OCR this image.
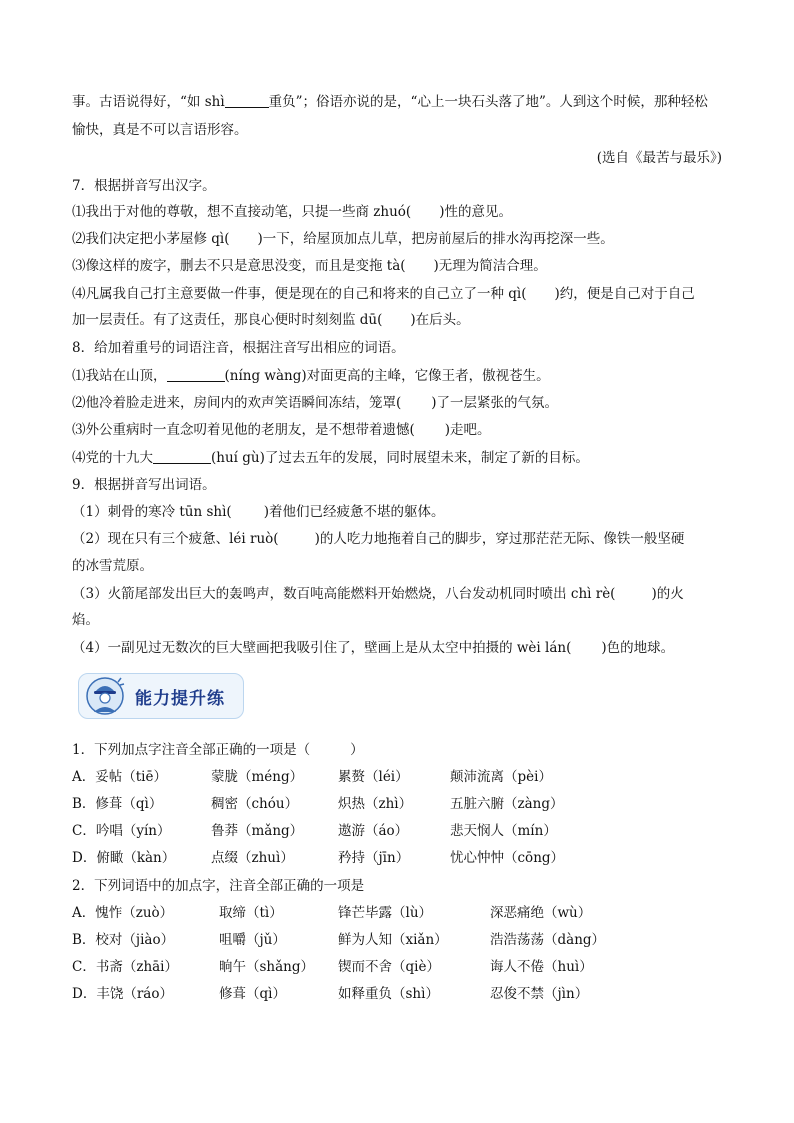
事。古语说得好，“如 shì	重负”；俗语亦说的是，“心上一块石头落了地”。人到这个时候，那种轻松
愉快，真是不可以言语形容。
(选自《最苦与最乐》)
7．根据拼音写出汉字。
⑴我出于对他的尊敬，想不直接动笔，只提一些商 zhuó( )性的意见。
⑵我们决定把小茅屋修 qì( )一下，给屋顶加点儿草，把房前屋后的排水沟再挖深一些。
⑶像这样的废字，删去不只是意思没变，而且是变拖 tà( )无理为简洁合理。
⑷凡属我自己打主意要做一件事，便是现在的自己和将来的自己立了一种 qì( )约，便是自己对于自己
加一层责任。有了这责任，那良心便时时刻刻监 dū( )在后头。
8．给加着重号的词语注音，根据注音写出相应的词语。
⑴我站在山顶，	(níng wàng)对面更高的主峰，它像王者，傲视苍生。
⑵他冷着脸走进来，房间内的欢声笑语瞬间冻结，笼罩( )了一层紧张的气氛。
⑶外公重病时一直念叨着见他的老朋友，是不想带着遗憾( )走吧。
⑷党的十九大	(huí gù)了过去五年的发展，同时展望未来，制定了新的目标。
9．根据拼音写出词语。
（1）刺骨的寒冷 tūn shì( )着他们已经疲惫不堪的躯体。
（2）现在只有三个疲惫、léi ruò(	)的人吃力地拖着自己的脚步，穿过那茫茫无际、像铁一般坚硬
的冰雪荒原。
（3）火箭尾部发出巨大的轰鸣声，数百吨高能燃料开始燃烧，八台发动机同时喷出 chì rè(	)的火
焰。
（4）一副见过无数次的巨大壁画把我吸引住了，壁画上是从太空中拍摄的 wèi lán( )色的地球。
能力提升练
1．下列加点字注音全部正确的一项是（	）
A．妥帖（tiē）	蒙胧（méng）	累赘（léi）	颠沛流离（pèi）
B．修葺（qì）	稠密（chóu）	炽热（zhì）	五脏六腑（zàng）
C．吟唱（yín）	鲁莽（mǎng）	遨游（áo）	悲天悯人（mín）
D．俯瞰（kàn）	点缀（zhuì）	矜持（jīn）	忧心忡忡（cōng）
2．下列词语中的加点字，注音全部正确的一项是
A．愧怍（zuò）	取缔（tì）	锋芒毕露（lù）	深恶痛绝（wù）
B．校对（jiào）	咀嚼（jǔ）	鲜为人知（xiǎn）	浩浩荡荡（dàng）
C．书斋（zhāi）	晌午（shǎng） 锲而不舍（qiè）	诲人不倦（huì）
D．丰饶（ráo）	修葺（qì）	如释重负（shì）	忍俊不禁（jìn）
